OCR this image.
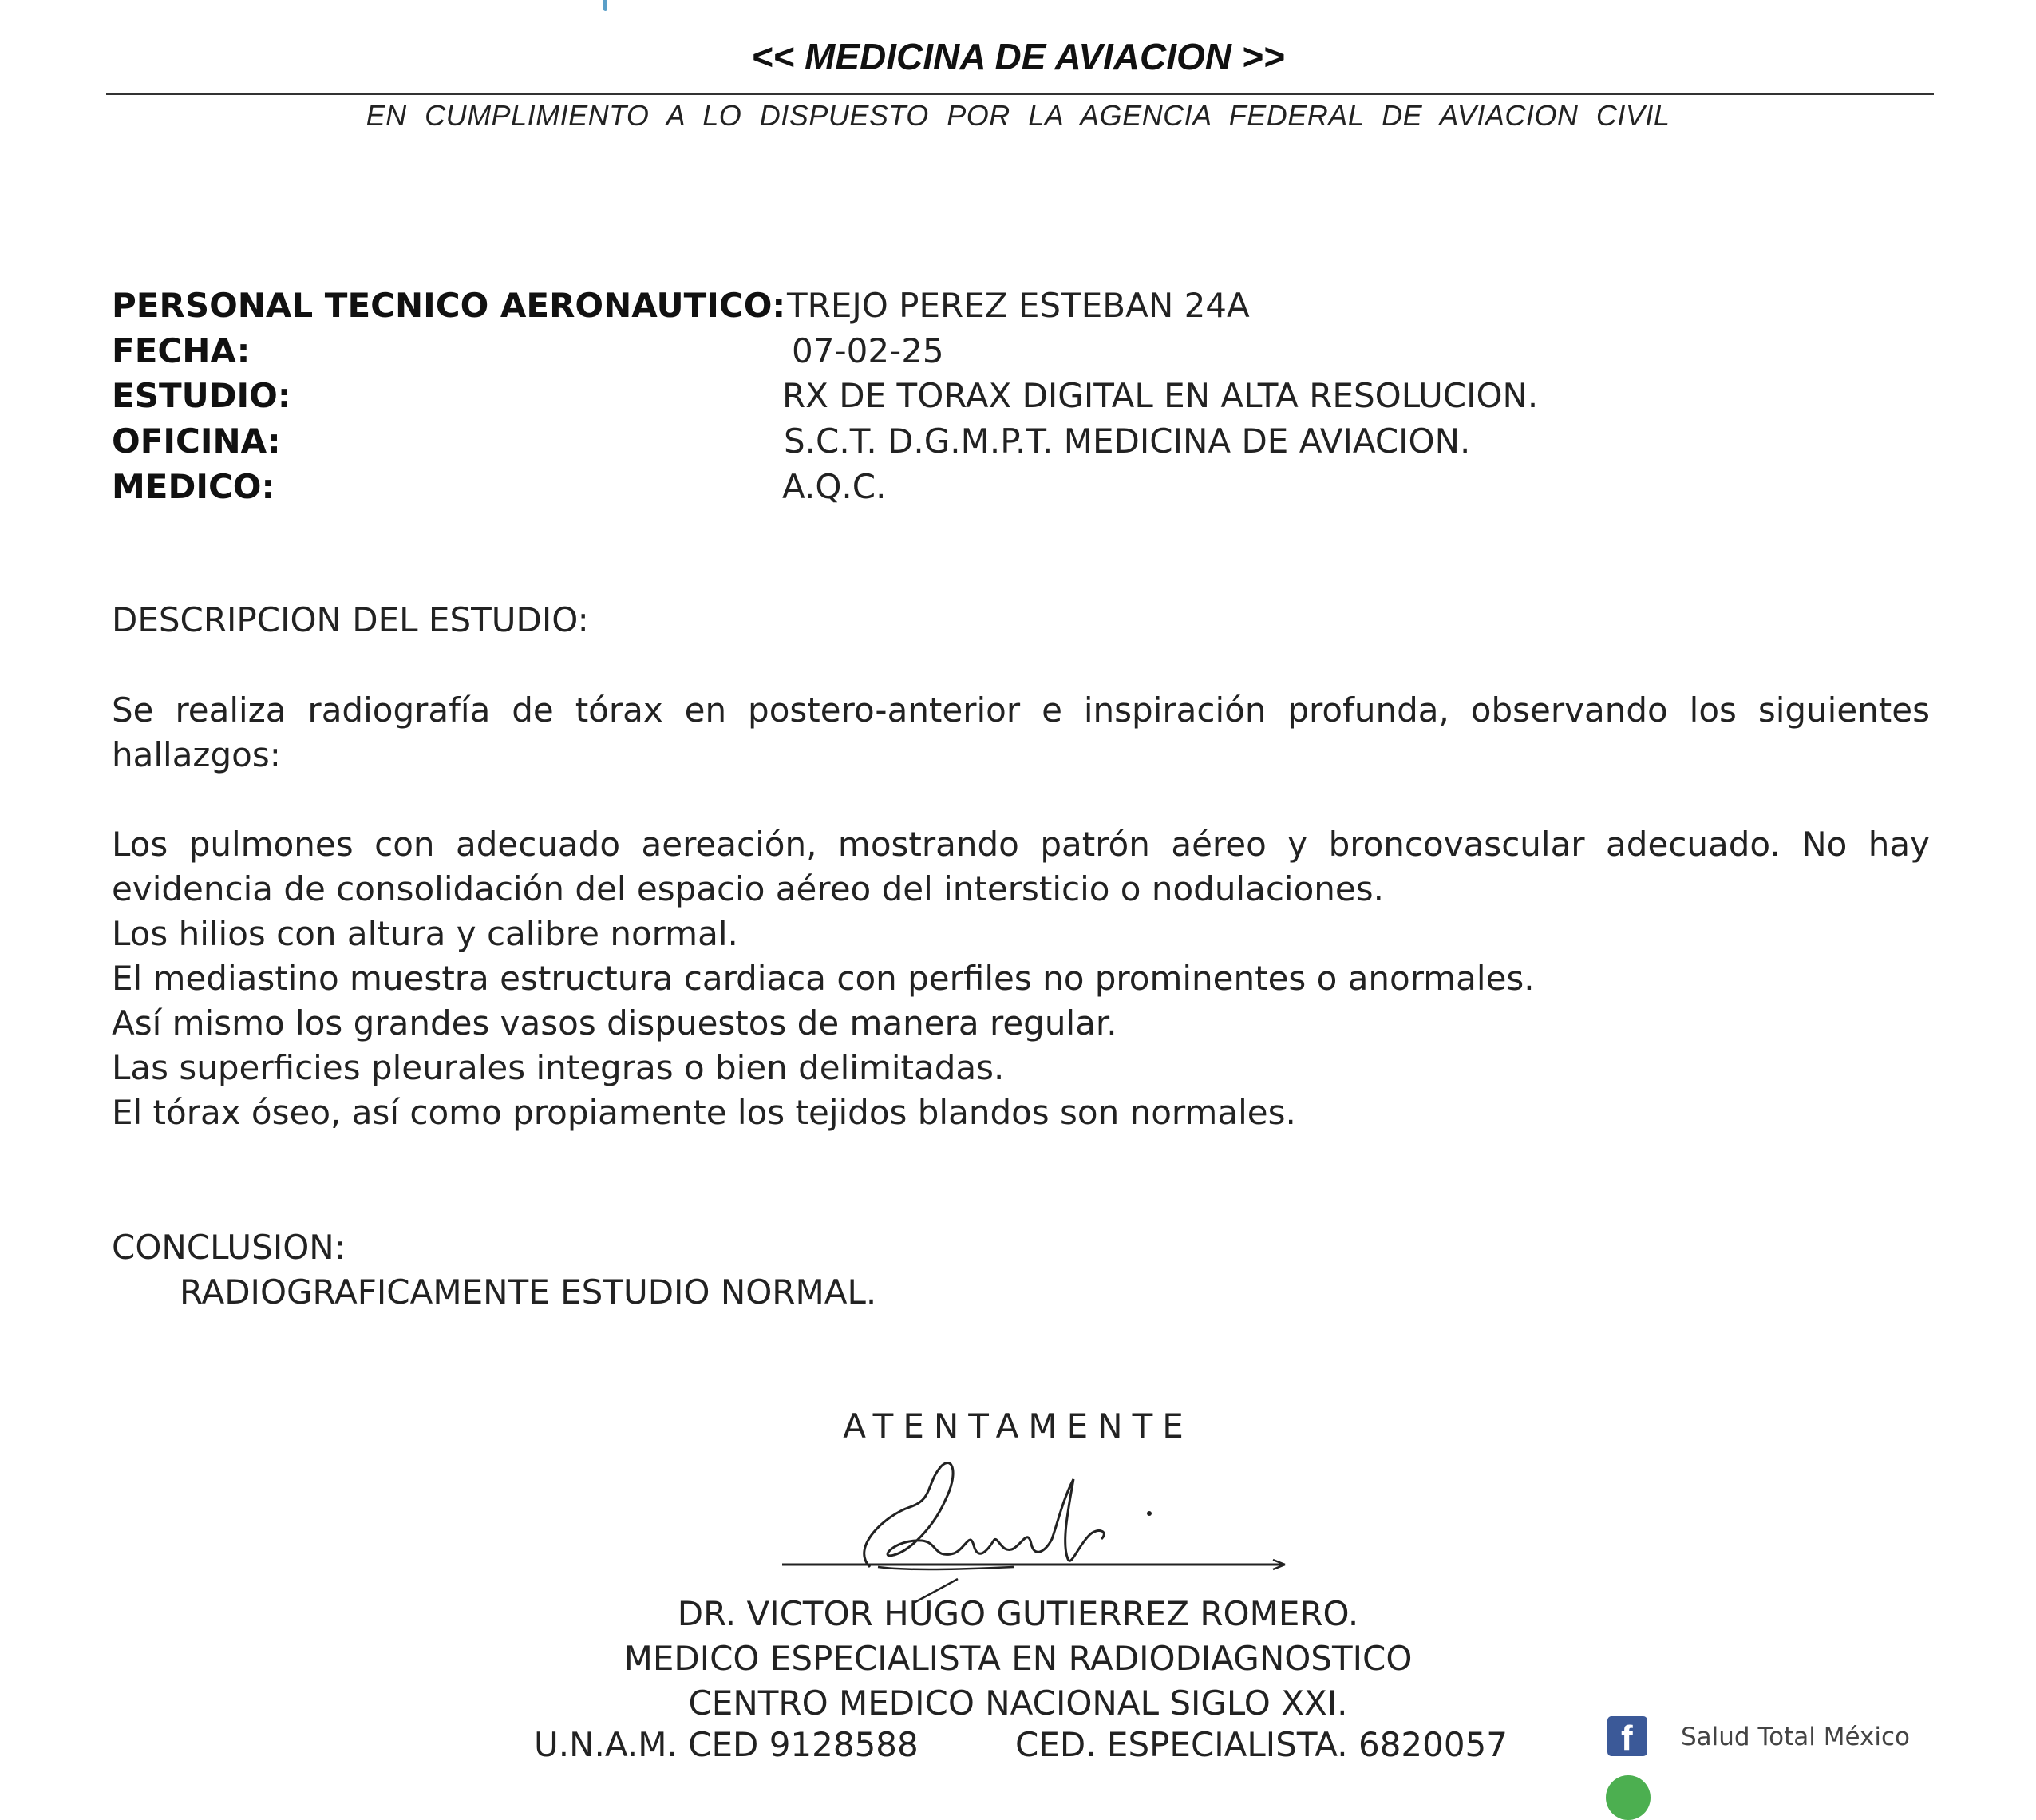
<< MEDICINA DE AVIACION >>
EN CUMPLIMIENTO A LO DISPUESTO POR LA AGENCIA FEDERAL DE AVIACION CIVIL
PERSONAL TECNICO AERONAUTICO: TREJO PEREZ ESTEBAN 24A
FECHA:	07-02-25
ESTUDIO:	RX DE TORAX DIGITAL EN ALTA RESOLUCION.
OFICINA:	S.C.T. D.G.M.P.T. MEDICINA DE AVIACION.
MEDICO:	A.Q.C.
DESCRIPCION DEL ESTUDIO:
Se realiza radiografía de tórax en postero-anterior e inspiración profunda, observando los siguientes hallazgos:
Los pulmones con adecuado aereación, mostrando patrón aéreo y broncovascular adecuado. No hay evidencia de consolidación del espacio aéreo del intersticio o nodulaciones.
Los hilios con altura y calibre normal.
El mediastino muestra estructura cardiaca con perfiles no prominentes o anormales.
Así mismo los grandes vasos dispuestos de manera regular.
Las superficies pleurales integras o bien delimitadas.
El tórax óseo, así como propiamente los tejidos blandos son normales.
CONCLUSION:
RADIOGRAFICAMENTE ESTUDIO NORMAL.
ATENTAMENTE
DR. VICTOR HUGO GUTIERREZ ROMERO.
MEDICO ESPECIALISTA EN RADIODIAGNOSTICO
CENTRO MEDICO NACIONAL SIGLO XXI.
U.N.A.M. CED 9128588	CED. ESPECIALISTA. 6820057	f Salud Total México
